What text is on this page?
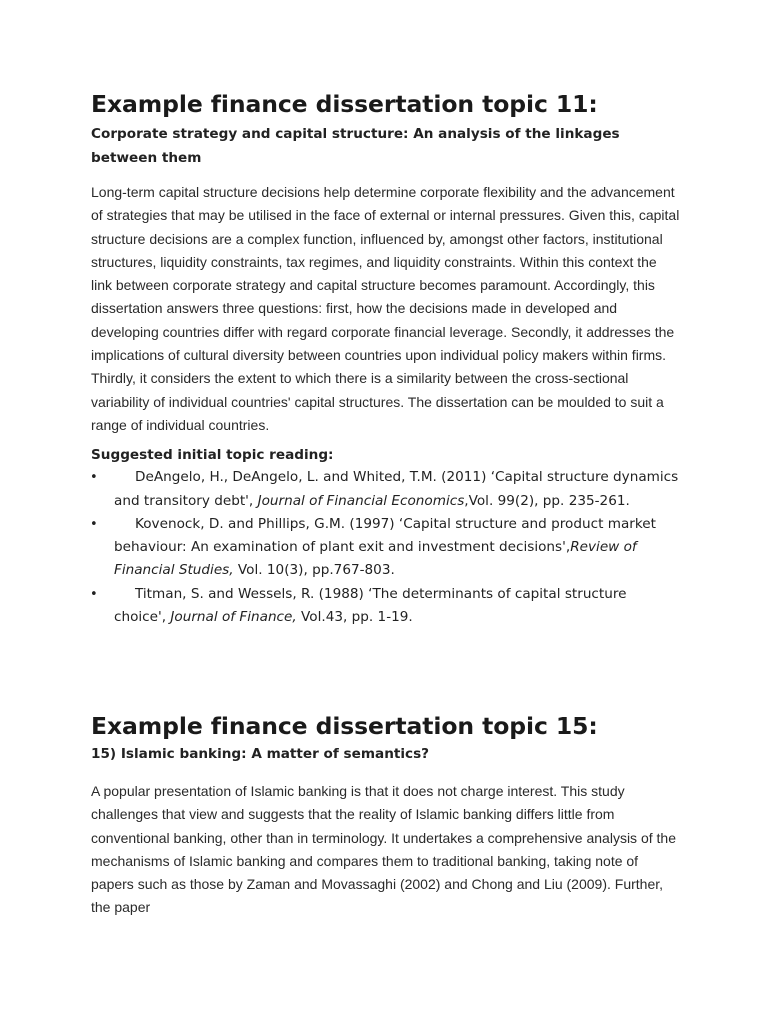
Example finance dissertation topic 11:
Corporate strategy and capital structure: An analysis of the linkages between them

Long-term capital structure decisions help determine corporate flexibility and the advancement of strategies that may be utilised in the face of external or internal pressures. Given this, capital structure decisions are a complex function, influenced by, amongst other factors, institutional structures, liquidity constraints, tax regimes, and liquidity constraints. Within this context the link between corporate strategy and capital structure becomes paramount. Accordingly, this dissertation answers three questions: first, how the decisions made in developed and developing countries differ with regard corporate financial leverage. Secondly, it addresses the implications of cultural diversity between countries upon individual policy makers within firms. Thirdly, it considers the extent to which there is a similarity between the cross-sectional variability of individual countries' capital structures. The dissertation can be moulded to suit a range of individual countries.

Suggested initial topic reading:
•	DeAngelo, H., DeAngelo, L. and Whited, T.M. (2011) ‘Capital structure dynamics and transitory debt', Journal of Financial Economics,Vol. 99(2), pp. 235-261.
•	Kovenock, D. and Phillips, G.M. (1997) ‘Capital structure and product market behaviour: An examination of plant exit and investment decisions',Review of Financial Studies, Vol. 10(3), pp.767-803.
•	Titman, S. and Wessels, R. (1988) ‘The determinants of capital structure choice', Journal of Finance, Vol.43, pp. 1-19.
Example finance dissertation topic 15:
15) Islamic banking: A matter of semantics?

A popular presentation of Islamic banking is that it does not charge interest. This study challenges that view and suggests that the reality of Islamic banking differs little from conventional banking, other than in terminology. It undertakes a comprehensive analysis of the mechanisms of Islamic banking and compares them to traditional banking, taking note of papers such as those by Zaman and Movassaghi (2002) and Chong and Liu (2009). Further, the paper
